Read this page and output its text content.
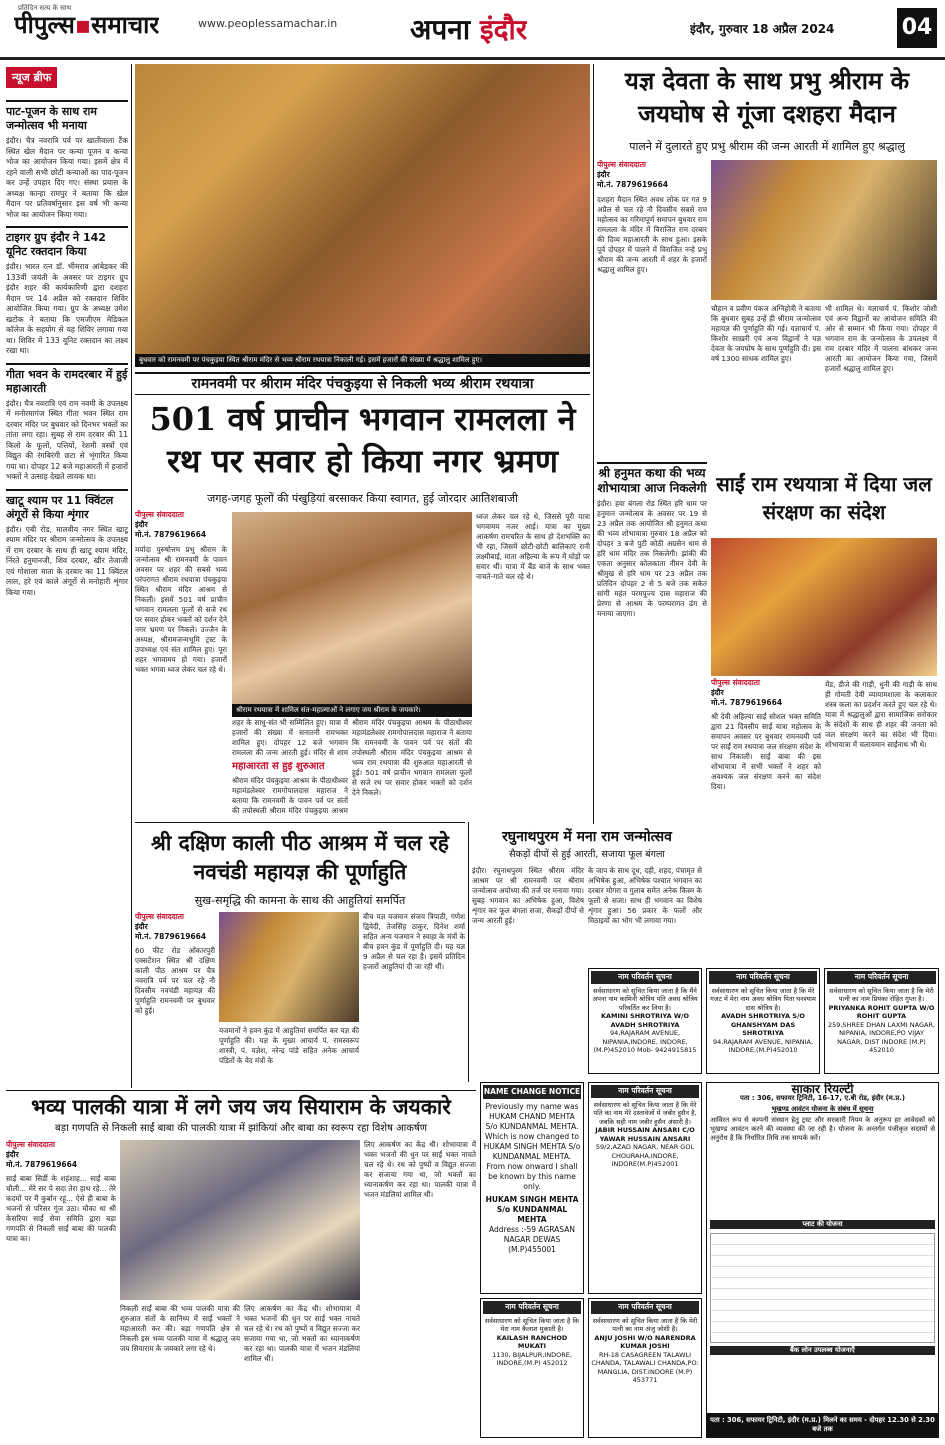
प्रतिदिन सत्य के साथ
पीपुल्स▪समाचार	www.peoplessamachar.in	अपना इंदौर	इंदौर, गुरुवार 18 अप्रैल 2024	04
न्यूज ब्रीफ
पाट-पूजन के साथ राम जन्मोत्सव भी मनाया
इंदौर। चैत्र नवरात्रि पर्व पर खातीवाला टैंक स्थित खेल मैदान पर कन्या पूजन व कन्या भोज का आयोजन किया गया। इसमें क्षेत्र में रहने वाली सभी छोटी कन्याओं का पाद-पूजन कर उन्हें उपहार दिए गए। संस्था प्रयास के अध्यक्ष कान्हा रामपुर ने बताया कि खेल मैदान पर प्रतिवर्षानुसार इस वर्ष भी कन्या भोज का आयोजन किया गया।
टाइगर ग्रुप इंदौर ने 142 यूनिट रक्तदान किया
इंदौर। भारत रत्न डॉ. भीमराव आंबेडकर की 133वीं जयंती के अवसर पर टाइगर ग्रुप इंदौर शहर की कार्यकारिणी द्वारा दशहरा मैदान पर 14 अप्रैल को रक्तदान शिविर आयोजित किया गया। ग्रुप के अध्यक्ष उमेश खटोक ने बताया कि एमजीएम मेडिकल कॉलेज के सहयोग से यह शिविर लगाया गया था। शिविर में 133 यूनिट रक्तदान का लक्ष्य रखा था।
गीता भवन के रामदरबार में हुई महाआरती
इंदौर। चैत्र नवरात्रि एवं राम नवमी के उपलक्ष्य में मनोरमागंज स्थित गीता भवन स्थित राम दरबार मंदिर पर बुधवार को दिनभर भक्तों का तांता लगा रहा। सुबह से राम दरबार की 11 किलो के फूलों, पत्तियों, रेशमी वस्त्रों एवं विद्युत की रंगबिरंगी छटा से भृंगारित किया गया था। दोपहर 12 बजे महाआरती में हजारों भक्तों ने उत्साह देखते लायक था।
खाटू श्याम पर 11 क्विंटल अंगूरों से किया शृंगार
इंदौर। एबी रोड, मालवीय नगर स्थित खाटू श्याम मंदिर पर श्रीराम जन्मोत्सव के उपलक्ष्य में राम दरबार के साथ ही खाटू श्याम मंदिर, निंरते हनुमानजी, शिव दरबार, खीर तेजाजी एवं गोशाला माता के दरबार का 11 क्विंटल लाल, हरे एवं काले अंगूरों से मनोहारी शृंगार किया गया।
बुधवार को रामनवमी पर पंचकुइया स्थित श्रीराम मंदिर से भव्य श्रीराम रथयात्रा निकाली गई। इसमें हजारों की संख्या में श्रद्धालु शामिल हुए।
रामनवमी पर श्रीराम मंदिर पंचकुइया से निकली भव्य श्रीराम रथयात्रा
501 वर्ष प्राचीन भगवान रामलला ने रथ पर सवार हो किया नगर भ्रमण
जगह-जगह फूलों की पंखुड़ियां बरसाकर किया स्वागत, हुई जोरदार आतिशबाजी
पीपुल्स संवाददाता
इंदौर
मो.नं. 7879619664
मर्यादा पुरुषोत्तम प्रभु श्रीराम के जन्मोत्सव श्री रामनवमी के पावन अवसर पर शहर की सबसे भव्य परंपरागत श्रीराम रथयात्रा पंचकुइया स्थित श्रीराम मंदिर आश्रम से निकली। इसमें 501 वर्ष प्राचीन भगवान रामलला फूलों से सजे रथ पर सवार होकर भक्तों को दर्शन देने नगर भ्रमण पर निकले। उज्जैन के अध्यक्ष, श्रीरामजन्मभूमि ट्रस्ट के उपाध्यक्ष एवं संत शामिल हुए। पूरा शहर भगवामय हो गया। हजारों भक्त भगवा ध्वज लेकर चल रहे थे।
श्रीराम रथयात्रा में शामिल संत-महात्माओं ने लगाए जय श्रीराम के जयकारे।
शहर के साधु-संत भी सम्मिलित हुए। यात्रा में हजारों की संख्या में सनातनी रामभक्त शामिल हुए। दोपहर 12 बजे भगवान रामलला की जन्म आरती हुई। मंदिर से शाम
महाआरती से हुई शुरुआत
श्रीराम मंदिर पंचकुइया आश्रम के पीठाधीश्वर महामंडलेश्वर रामगोपालदास महाराज ने बताया कि रामनवमी के पावन पर्व पर संतों की तपोस्थली श्रीराम मंदिर पंचकुइया आश्रम
श्रीराम मंदिर पंचकुइया आश्रम के पीठाधीश्वर महामंडलेश्वर रामगोपालदास महाराज ने बताया कि रामनवमी के पावन पर्व पर संतों की तपोस्थली श्रीराम मंदिर पंचकुइया आश्रम से भव्य राम रथयात्रा की शुरुआत महाआरती से हुई। 501 वर्ष प्राचीन भगवान रामलला फूलों से सजे रथ पर सवार होकर भक्तों को दर्शन देने निकले।
ध्वज लेकर चल रहे थे, जिससे पूरी यात्रा भगवामय नजर आई। यात्रा का मुख्य आकर्षण रामचरित के साथ हो देशभक्ति का भी रहा, जिसमें छोटी-छोटी बालिकाएं रानी लक्ष्मीबाई, माता अहिल्या के रूप में घोड़ों पर सवार थीं। यात्रा में बैंड बाजे के साथ भक्त नाचते-गाते चल रहे थे।
यज्ञ देवता के साथ प्रभु श्रीराम के जयघोष से गूंजा दशहरा मैदान
पालने में दुलारते हुए प्रभु श्रीराम की जन्म आरती में शामिल हुए श्रद्धालु
पीपुल्स संवाददाता
इंदौर
मो.नं. 7879619664
दशहरा मैदान स्थित अवध लोक पर गत 9 अप्रैल से चल रहे नौ दिवसीय सबसे राम महोत्सव का गरिमापूर्ण समापन बुधवार राम रामलला के मंदिर में विराजित राम दरबार की दिव्य महाआरती के साथ हुआ। इसके पूर्व दोपहर में पालने में विराजित नन्हे प्रभु श्रीराम की जन्म आरती में शहर के हजारों श्रद्धालु शामिल हुए।
चौहान व प्रवीण पंकज अग्निहोत्री ने बताया कि बुधवार सुबह उन्हें ही श्रीराम जन्मोत्सव महायज्ञ की पूर्णाहुति की गई। यज्ञाचार्य पं. किशोर साख़री एवं अन्य विद्वानों ने यज्ञ देवता के जयघोष के साथ पूर्णाहुति दी। इस वर्ष 1300 साधक शामिल हुए।
भी शामिल थे। यज्ञाचार्य पं. किशोर जोशी एवं अन्य विद्वानों का आयोजन समिति की ओर से सम्मान भी किया गया। दोपहर में भगवान राम के जन्मोत्सव के उपलक्ष्य में राम दरबार मंदिर में पालना बांधकर जन्म आरती का आयोजन किया गया, जिसमें हजारों श्रद्धालु शामिल हुए।
श्री हनुमत कथा की भव्य शोभायात्रा आज निकलेगी
इंदौर। हवा बंगला रोड स्थित हरि धाम पर हनुमान जन्मोत्सव के अवसर पर 19 से 23 अप्रैल तक आयोजित श्री हनुमत कथा की भव्य शोभायात्रा गुरुवार 18 अप्रैल को दोपहर 3 बजे पुटी कोठी अग्रसेन धाम से हरि धाम मंदिर तक निकलेगी। झांकी की एकता अनुसार कोलकाता नीमन देवी के श्रीमुख से हरि धाम पर 23 अप्रैल तक प्रतिदिन दोपहर 2 से 5 बजे तक सकेत सांगी महंत परमपूज्य दास महाराज की प्रेरणा से आश्रम के परम्परागत ढंग से मनाया जाएगा।
साईं राम रथयात्रा में दिया जल संरक्षण का संदेश
पीपुल्स संवाददाता
इंदौर
मो.नं. 7879619664
श्री देवी अहिल्या साईं सोशल भक्त समिति द्वारा 21 दिवसीय साईं यात्रा महोत्सव के समापन अवसर पर बुधवार रामनवमी पर्व पर साईं राम रथयात्रा जल संरक्षण संदेश के साथ निकाली। साईं बाबा की इस शोभायात्रा में सभी भक्तों ने शहर को अवश्यक जल संरक्षण करने का संदेश दिया।
मेंड, डीजे की गाड़ी, धुनी की गाड़ी के साथ ही गोमती देवी व्यायामशाला के कलाकार शस्त्र कला का प्रदर्शन करते हुए चल रहे थे। यात्रा में श्रद्धालुओं द्वारा सामाजिक सरोकार के संदेशों के साथ ही शहर की जनता को जल संरक्षण करने का संदेश भी दिया। शोभायात्रा में चलायमान साईंनाथ भी थे।
श्री दक्षिण काली पीठ आश्रम में चल रहे नवचंडी महायज्ञ की पूर्णाहुति
सुख-समृद्धि की कामना के साथ की आहुतियां समर्पित
पीपुल्स संवाददाता
इंदौर
मो.नं. 7879619664
60 फीट रोड ओंकारपुरी एक्सटेंशन स्थित श्री दक्षिण काली पीठ आश्रम पर चैत्र नवरात्रि पर्व पर चल रहे नौ दिवसीय नवचंडी महायज्ञ की पूर्णाहुति रामनवमी पर बुधवार को हुई।
यजमानों ने हवन कुंड में आहुतियां समर्पित कर यज्ञ की पूर्णाहुति की। यज्ञ के मुख्य आचार्य पं. रामस्वरूप शास्त्री, पं. यज्ञेश, नरेन्द्र पांडे सहित अनेक आचार्य पंडितों के वेद मंत्रों के
बीच यज्ञ यजमान संजय त्रिपाठी, गणेश द्विवेदी, तेजसिंह ठाकुर, दिनेश शर्मा सहित अन्य यजमान ने स्वाहा के मंत्रों के बीच हवन कुंड में पूर्णाहुति दी। यह यज्ञ 9 अप्रैल से चल रहा है। इसमें प्रतिदिन हजारों आहुतियां दी जा रही थीं।
रघुनाथपुरम में मना राम जन्मोत्सव
सैकड़ों दीपों से हुई आरती, सजाया फूल बंगला
इंदौर। रघुनाथपुरम स्थित श्रीराम मंदिर आश्रम पर श्री रामनवमी पर श्रीराम जन्मोत्सव अयोध्या की तर्ज पर मनाया गया। सुबह भगवान का अभिषेक हुआ, विशेष शृंगार कर फूल बंगला सजा, सैकड़ों दीपों से जन्म आरती हुई।
के जाप के साथ दूध, दही, शहद, पंचामृत से अभिषेक हुआ, अभिषेक पश्चात भगवान का दरबार मोगरा व गुलाब समेत अनेक किस्म के फूलों से सजा। साथ ही भगवान का विशेष शृंगार हुआ। 56 प्रकार के फलों और मिठाइयों का भोग भी लगाया गया।
नाम परिवर्तन सूचना
सर्वसाधारण को सूचित किया जाता है कि मैंने अपना नाम कामिनी श्रोत्रिय पति अवध श्रोत्रिय परिवर्तित कर लिया है।
KAMINI SHROTRIYA W/O AVADH SHROTRIYA
94,RAJARAM AVENUE, NIPANIA,INDORE, INDORE,(M.P)452010 Mob- 9424915815
नाम परिवर्तन सूचना
सर्वसाधारण को सूचित किया जाता है कि मेरे गजट में मेरा नाम अवध श्रोत्रिय पिता घनश्याम दास श्रोत्रिय है।
AVADH SHROTRIYA S/O GHANSHYAM DAS SHROTRIYA
94,RAJARAM AVENUE, NIPANIA, INDORE,(M.P)452010
नाम परिवर्तन सूचना
सर्वसाधारण को सूचित किया जाता है कि मेरी पत्नी का नाम प्रियंका रोहित गुप्ता है।
PRIYANKA ROHIT GUPTA W/O ROHIT GUPTA
259,SHREE DHAN LAXMI NAGAR, NIPANIA, INDORE,PO VIJAY NAGAR, DIST INDORE (M.P) 452010
भव्य पालकी यात्रा में लगे जय जय सियाराम के जयकारे
बड़ा गणपति से निकली साईं बाबा की पालकी यात्रा में झांकियां और बाबा का स्वरूप रहा विशेष आकर्षण
पीपुल्स संवाददाता
इंदौर
मो.नं. 7879619664
साईं बाबा सिर्डी के शहंशाह... साईं बाबा चौली... मेरे सर पे सदा तेरा हाथ रहे... तेरे कदमों पर मैं कुर्बान रहूं... ऐसे ही बाबा के भजनों से परिसर गूंज उठा। मौका था श्री केसरिया साईं सेवा समिति द्वारा बड़ा गणपति से निकली साईं बाबा की पालकी यात्रा का।
निकली साईं बाबा की भव्य पालकी यात्रा की शुरुआत संतों के सानिध्य में साईं भक्तों ने महाआरती कर की। बड़ा गणपति क्षेत्र से निकली इस भव्य पालकी यात्रा में श्रद्धालु जय जय सियाराम के जयकारे लगा रहे थे।
लिए आकर्षण का केंद्र थी। शोभायात्रा में भक्त भजनों की धुन पर साईं भक्त नाचते चल रहे थे। रथ को पुष्पों व विद्युत सज्जा कर सजाया गया था, जो भक्तों का ध्यानाकर्षण कर रहा था। पालकी यात्रा में भजन मंडलियां शामिल थीं।
लिए आकर्षण का केंद्र थी। शोभायात्रा में भक्त भजनों की धुन पर साईं भक्त नाचते चल रहे थे। रथ को पुष्पों व विद्युत सज्जा कर सजाया गया था, जो भक्तों का ध्यानाकर्षण कर रहा था। पालकी यात्रा में भजन मंडलियां शामिल थीं।
NAME CHANGE NOTICE
Previously my name was HUKAM CHAND MEHTA S/o KUNDANMAL MEHTA. Which is now changed to HUKAM SINGH MEHTA S/o KUNDANMAL MEHTA. From now onward I shall be known by this name only.
HUKAM SINGH MEHTA S/o KUNDANMAL MEHTA
Address :-59 AGRASAN NAGAR DEWAS (M.P)455001
नाम परिवर्तन सूचना
सर्वसाधारण को सूचित किया जाता है कि मेरे पति का नाम मेरे दस्तावेजों में जबीर हुसैन है, जबकि सही नाम जबीर हुसैन अंसारी है।
JABIR HUSSAIN ANSARI C/O YAWAR HUSSAIN ANSARI
59/2,AZAD NAGAR, NEAR GOL CHOURAHA,INDORE, INDORE(M.P)452001
नाम परिवर्तन सूचना
सर्वसाधारण को सूचित किया जाता है कि मेरा नाम कैलाश मुकाती है।
KAILASH RANCHOD MUKATI
1130, BIJALPUR,INDORE, INDORE,(M.P) 452012
नाम परिवर्तन सूचना
सर्वसाधारण को सूचित किया जाता है कि मेरी पत्नी का नाम अंजु जोशी है।
ANJU JOSHI W/O NARENDRA KUMAR JOSHI
RH-18 CASAGREEN TALAWLI CHANDA, TALAWALI CHANDA,PO: MANGLIA, DIST.INDORE (M.P) 453771
साकार रियल्टी
पता : 306, सफायर ट्रिनिटी, 16-17, ए.बी रोड, इंदौर (म.प्र.)
भूखण्ड आवंटन योजना के संबंध में सूचना
आविरत रूप से कम्पनी संस्थान हेतु ट्रस्ट और सरकारी नियम के अनुरूप हर आवेदकों को भूखण्ड आवंटन करने की व्यवस्था की जा रही है। योजना के अन्तर्गत पंजीकृत सदस्यों से अनुरोध है कि निर्धारित तिथि तक सम्पर्क करें।
प्लाट की योजना
बैंक लोन उपलब्ध योजनाएँ
पता : 306, सफायर ट्रिनिटी, इंदौर (म.प्र.) मिलने का समय - दोपहर 12.30 से 2.30 बजे तक
